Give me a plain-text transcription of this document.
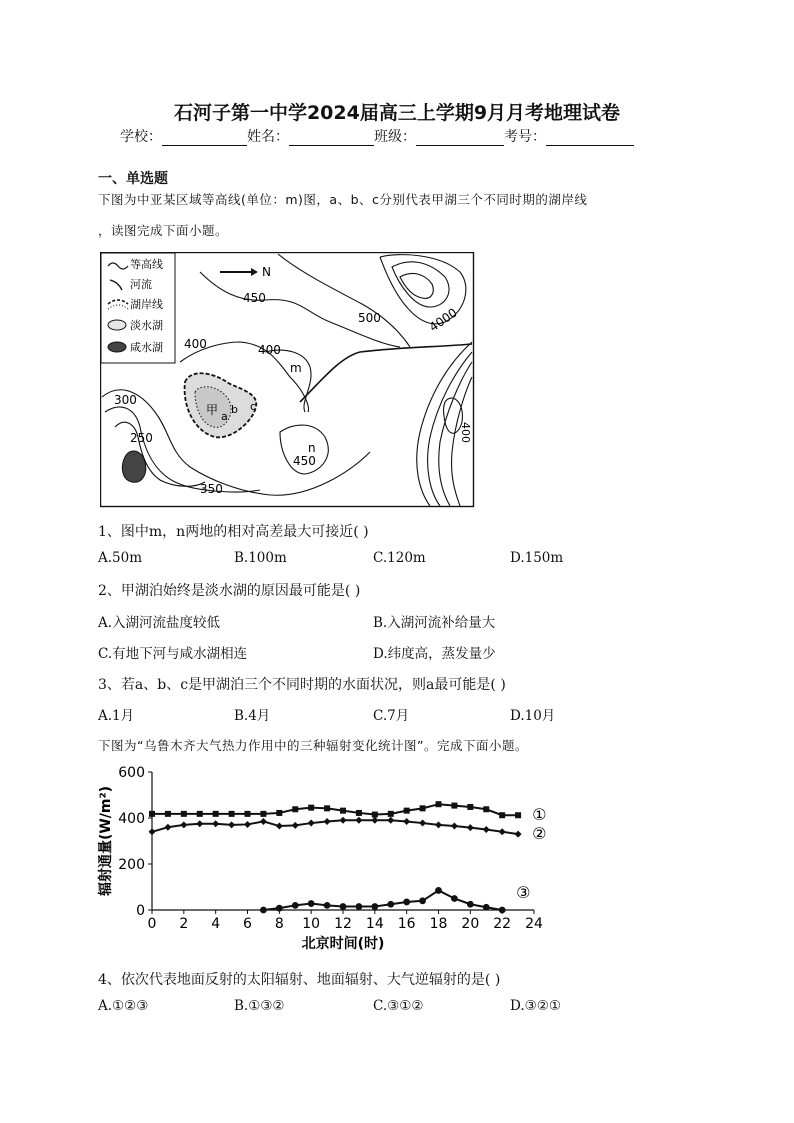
石河子第一中学2024届高三上学期9月月考地理试卷
学校：	姓名：	班级：	考号：
一、单选题
下图为中亚某区域等高线(单位：m)图，a、b、c分别代表甲湖三个不同时期的湖岸线
，读图完成下面小题。
等高线
河流
湖岸线
淡水湖
咸水湖
N
450
500	4000
400	400
300
250
350
450
400
甲 a
b c
m
n
1、图中m，n两地的相对高差最大可接近( )
A.50m	B.100m	C.120m	D.150m
2、甲湖泊始终是淡水湖的原因最可能是( )
A.入湖河流盐度较低	B.入湖河流补给量大
C.有地下河与咸水湖相连	D.纬度高，蒸发量少
3、若a、b、c是甲湖泊三个不同时期的水面状况，则a最可能是( )
A.1月	B.4月	C.7月	D.10月
下图为“乌鲁木齐大气热力作用中的三种辐射变化统计图”。完成下面小题。
0
200
400
600
0 2 4 6 8 10 12 14 16 18 20 22 24
北京时间(时)
辐射通量(W/m²)	①
②
③
4、依次代表地面反射的太阳辐射、地面辐射、大气逆辐射的是( )
A.①②③	B.①③②	C.③①②	D.③②①
